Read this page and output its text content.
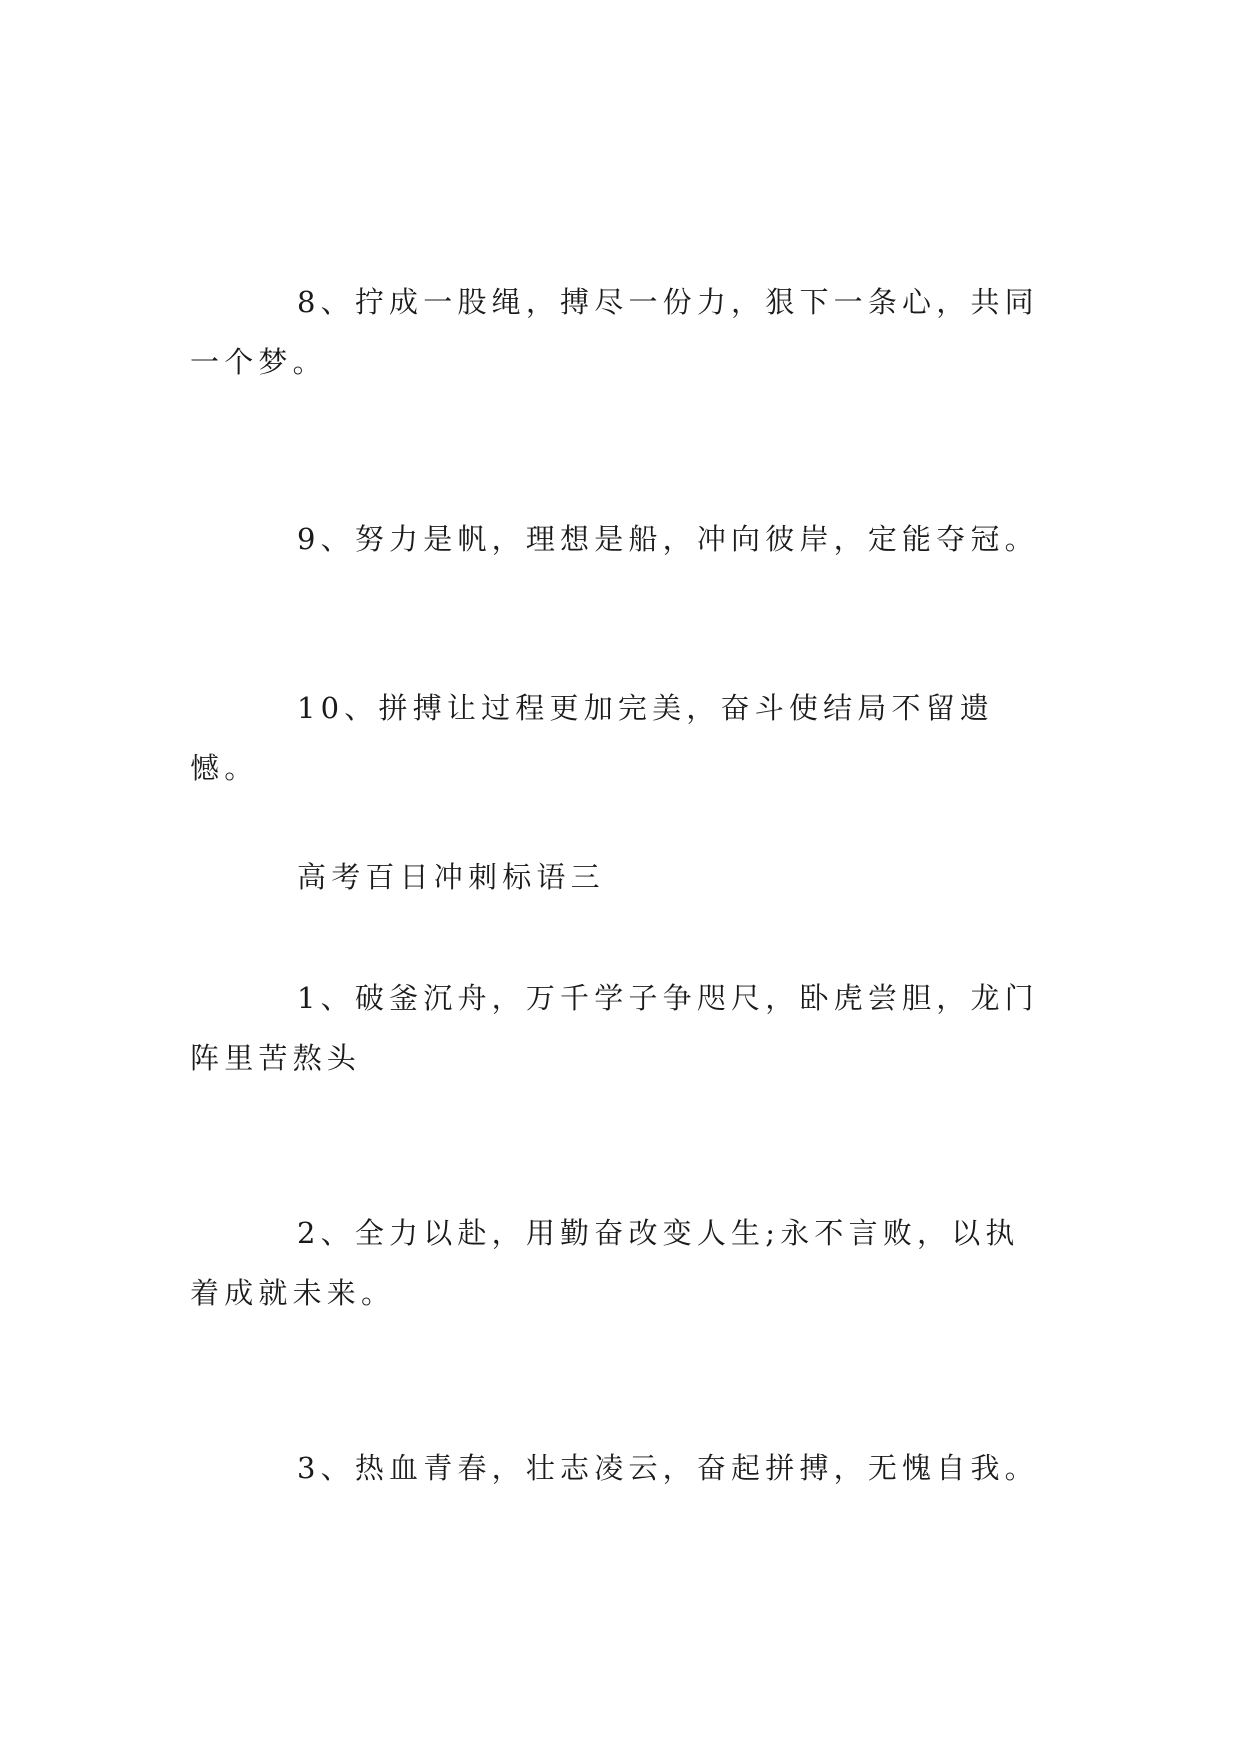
8、拧成一股绳，搏尽一份力，狠下一条心，共同一个梦。

9、努力是帆，理想是船，冲向彼岸，定能夺冠。

10、拼搏让过程更加完美，奋斗使结局不留遗憾。

高考百日冲刺标语三

1、破釜沉舟，万千学子争咫尺，卧虎尝胆，龙门阵里苦熬头

2、全力以赴，用勤奋改变人生;永不言败，以执着成就未来。

3、热血青春，壮志凌云，奋起拼搏，无愧自我。
